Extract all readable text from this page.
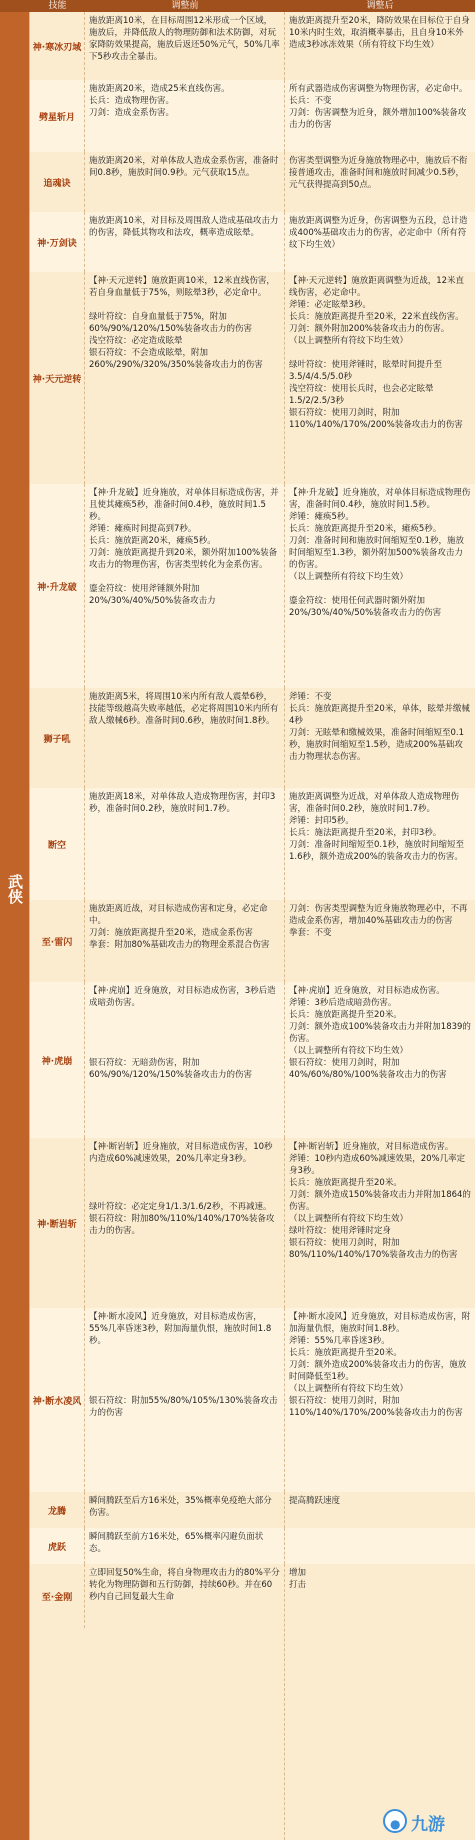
技能	调整前	调整后
武侠
神·寒冰刃域
施放距离10米，在目标周围12米形成一个区域，施放后，并降低敌人的物理防御和法术防御，对玩家降防效果提高，施放后返还50%元气，50%几率下5秒攻击全暴击。
施放距离提升至20米，降防效果在目标位于自身10米内时生效，取消概率暴击，且自身10米外造成3秒冰冻效果（所有符纹下均生效）
劈星斩月
施放距离20米，造成25米直线伤害。
长兵：造成物理伤害。
刀剑：造成金系伤害。
所有武器造成伤害调整为物理伤害，必定命中。
长兵：不变
刀剑：伤害调整为近身，额外增加100%装备攻击力的伤害
追魂诀
施放距离20米，对单体敌人造成金系伤害，准备时间0.8秒，施放时间0.9秒。元气获取15点。
伤害类型调整为近身施放物理必中，施放后不衔接普通攻击，准备时间和施放时间减少0.5秒，元气获得提高到50点。
神·万剑诀
施放距离10米，对目标及周围敌人造成基础攻击力的伤害，降低其物攻和法攻，概率造成眩晕。
施放距离调整为近身，伤害调整为五段，总计造成400%基础攻击力的伤害，必定命中（所有符纹下均生效）
神·天元逆转
【神·天元逆转】施放距离10米，12米直线伤害，若自身血量低于75%，则眩晕3秒，必定命中。

绿叶符纹：自身血量低于75%，附加60%/90%/120%/150%装备攻击力的伤害
浅空符纹：必定造成眩晕
银石符纹：不会造成眩晕，附加260%/290%/320%/350%装备攻击力的伤害
【神·天元逆转】施放距离调整为近战，12米直线伤害，必定命中。
斧锤：必定眩晕3秒。
长兵：施放距离提升至20米，22米直线伤害。
刀剑：额外附加200%装备攻击力的伤害。
（以上调整所有符纹下均生效）

绿叶符纹：使用斧锤时，眩晕时间提升至3.5/4/4.5/5.0秒
浅空符纹：使用长兵时，也会必定眩晕1.5/2/2.5/3秒
银石符纹：使用刀剑时，附加110%/140%/170%/200%装备攻击力的伤害
神·升龙破
【神·升龙破】近身施放，对单体目标造成伤害，并且使其瘫痪5秒，准备时间0.4秒，施放时间1.5秒。
斧锤：瘫痪时间提高到7秒。
长兵：施放距离20米，瘫痪5秒。
刀剑：施放距离提升到20米，额外附加100%装备攻击力的物理伤害，伤害类型转化为金系伤害。

鎏金符纹：使用斧锤额外附加20%/30%/40%/50%装备攻击力
【神·升龙破】近身施放，对单体目标造成物理伤害，准备时间0.4秒，施放时间1.5秒。
斧锤：瘫痪5秒。
长兵：施放距离提升至20米，瘫痪5秒。
刀剑：准备时间和施放时间缩短至0.1秒，施放时间缩短至1.3秒，额外附加500%装备攻击力的伤害。
（以上调整所有符纹下均生效）

鎏金符纹：使用任何武器时额外附加20%/30%/40%/50%装备攻击力的伤害
狮子吼
施放距离5米，将周围10米内所有敌人震晕6秒，技能等级越高失败率越低，必定将周围10米内所有敌人缴械6秒。准备时间0.6秒，施放时间1.8秒。
斧锤：不变
长兵：施放距离提升至20米，单体，眩晕并缴械4秒
刀剑：无眩晕和缴械效果，准备时间缩短至0.1秒，施放时间缩短至1.5秒，造成200%基础攻击力物理状态伤害。
断空
施放距离18米，对单体敌人造成物理伤害，封印3秒，准备时间0.2秒，施放时间1.7秒。
施放距离调整为近战，对单体敌人造成物理伤害，准备时间0.2秒，施放时间1.7秒。
斧锤：封印5秒。
长兵：施法距离提升至20米，封印3秒。
刀剑：准备时间缩短至0.1秒，施放时间缩短至1.6秒，额外造成200%的装备攻击力的伤害。
至·雷闪
施放距离近战，对目标造成伤害和定身，必定命中。
刀剑：施放距离提升至20米，造成金系伤害
拳套：附加80%基础攻击力的物理金系混合伤害
刀剑：伤害类型调整为近身施放物理必中，不再造成金系伤害，增加40%基础攻击力的伤害
拳套：不变
神·虎崩
【神·虎崩】近身施放，对目标造成伤害，3秒后造成暗劲伤害。

银石符纹：无暗劲伤害，附加60%/90%/120%/150%装备攻击力的伤害
【神·虎崩】近身施放，对目标造成伤害。
斧锤：3秒后造成暗劲伤害。
长兵：施放距离提升至20米。
刀剑：额外造成100%装备攻击力并附加1839的伤害。
（以上调整所有符纹下均生效）
银石符纹：使用刀剑时，附加40%/60%/80%/100%装备攻击力的伤害
神·断岩斩
【神·断岩斩】近身施放，对目标造成伤害，10秒内造成60%减速效果，20%几率定身3秒。

绿叶符纹：必定定身1/1.3/1.6/2秒，不再减速。
银石符纹：附加80%/110%/140%/170%装备攻击力的伤害。
【神·断岩斩】近身施放，对目标造成伤害。
斧锤：10秒内造成60%减速效果，20%几率定身3秒。
长兵：施放距离提升至20米。
刀剑：额外造成150%装备攻击力并附加1864的伤害。
（以上调整所有符纹下均生效）
绿叶符纹：使用斧锤时定身
银石符纹：使用刀剑时，附加80%/110%/140%/170%装备攻击力的伤害
神·断水凌风
【神·断水凌风】近身施放，对目标造成伤害，55%几率昏迷3秒，附加海量仇恨，施放时间1.8秒。

银石符纹：附加55%/80%/105%/130%装备攻击力的伤害
【神·断水凌风】近身施放，对目标造成伤害，附加海量仇恨，施放时间1.8秒。
斧锤：55%几率昏迷3秒。
长兵：施放距离提升至20米。
刀剑：额外造成200%装备攻击力的伤害，施放时间降低至1秒。
（以上调整所有符纹下均生效）
银石符纹：使用刀剑时，附加110%/140%/170%/200%装备攻击力的伤害
龙腾
瞬间腾跃至后方16米处，35%概率免疫绝大部分伤害。
提高腾跃速度
虎跃
瞬间腾跃至前方16米处，65%概率闪避负面状态。
至·金刚
立即回复50%生命，将自身物理攻击力的80%平分转化为物理防御和五行防御，持续60秒。并在60秒内自己回复最大生命
增加
打击
● 九游
